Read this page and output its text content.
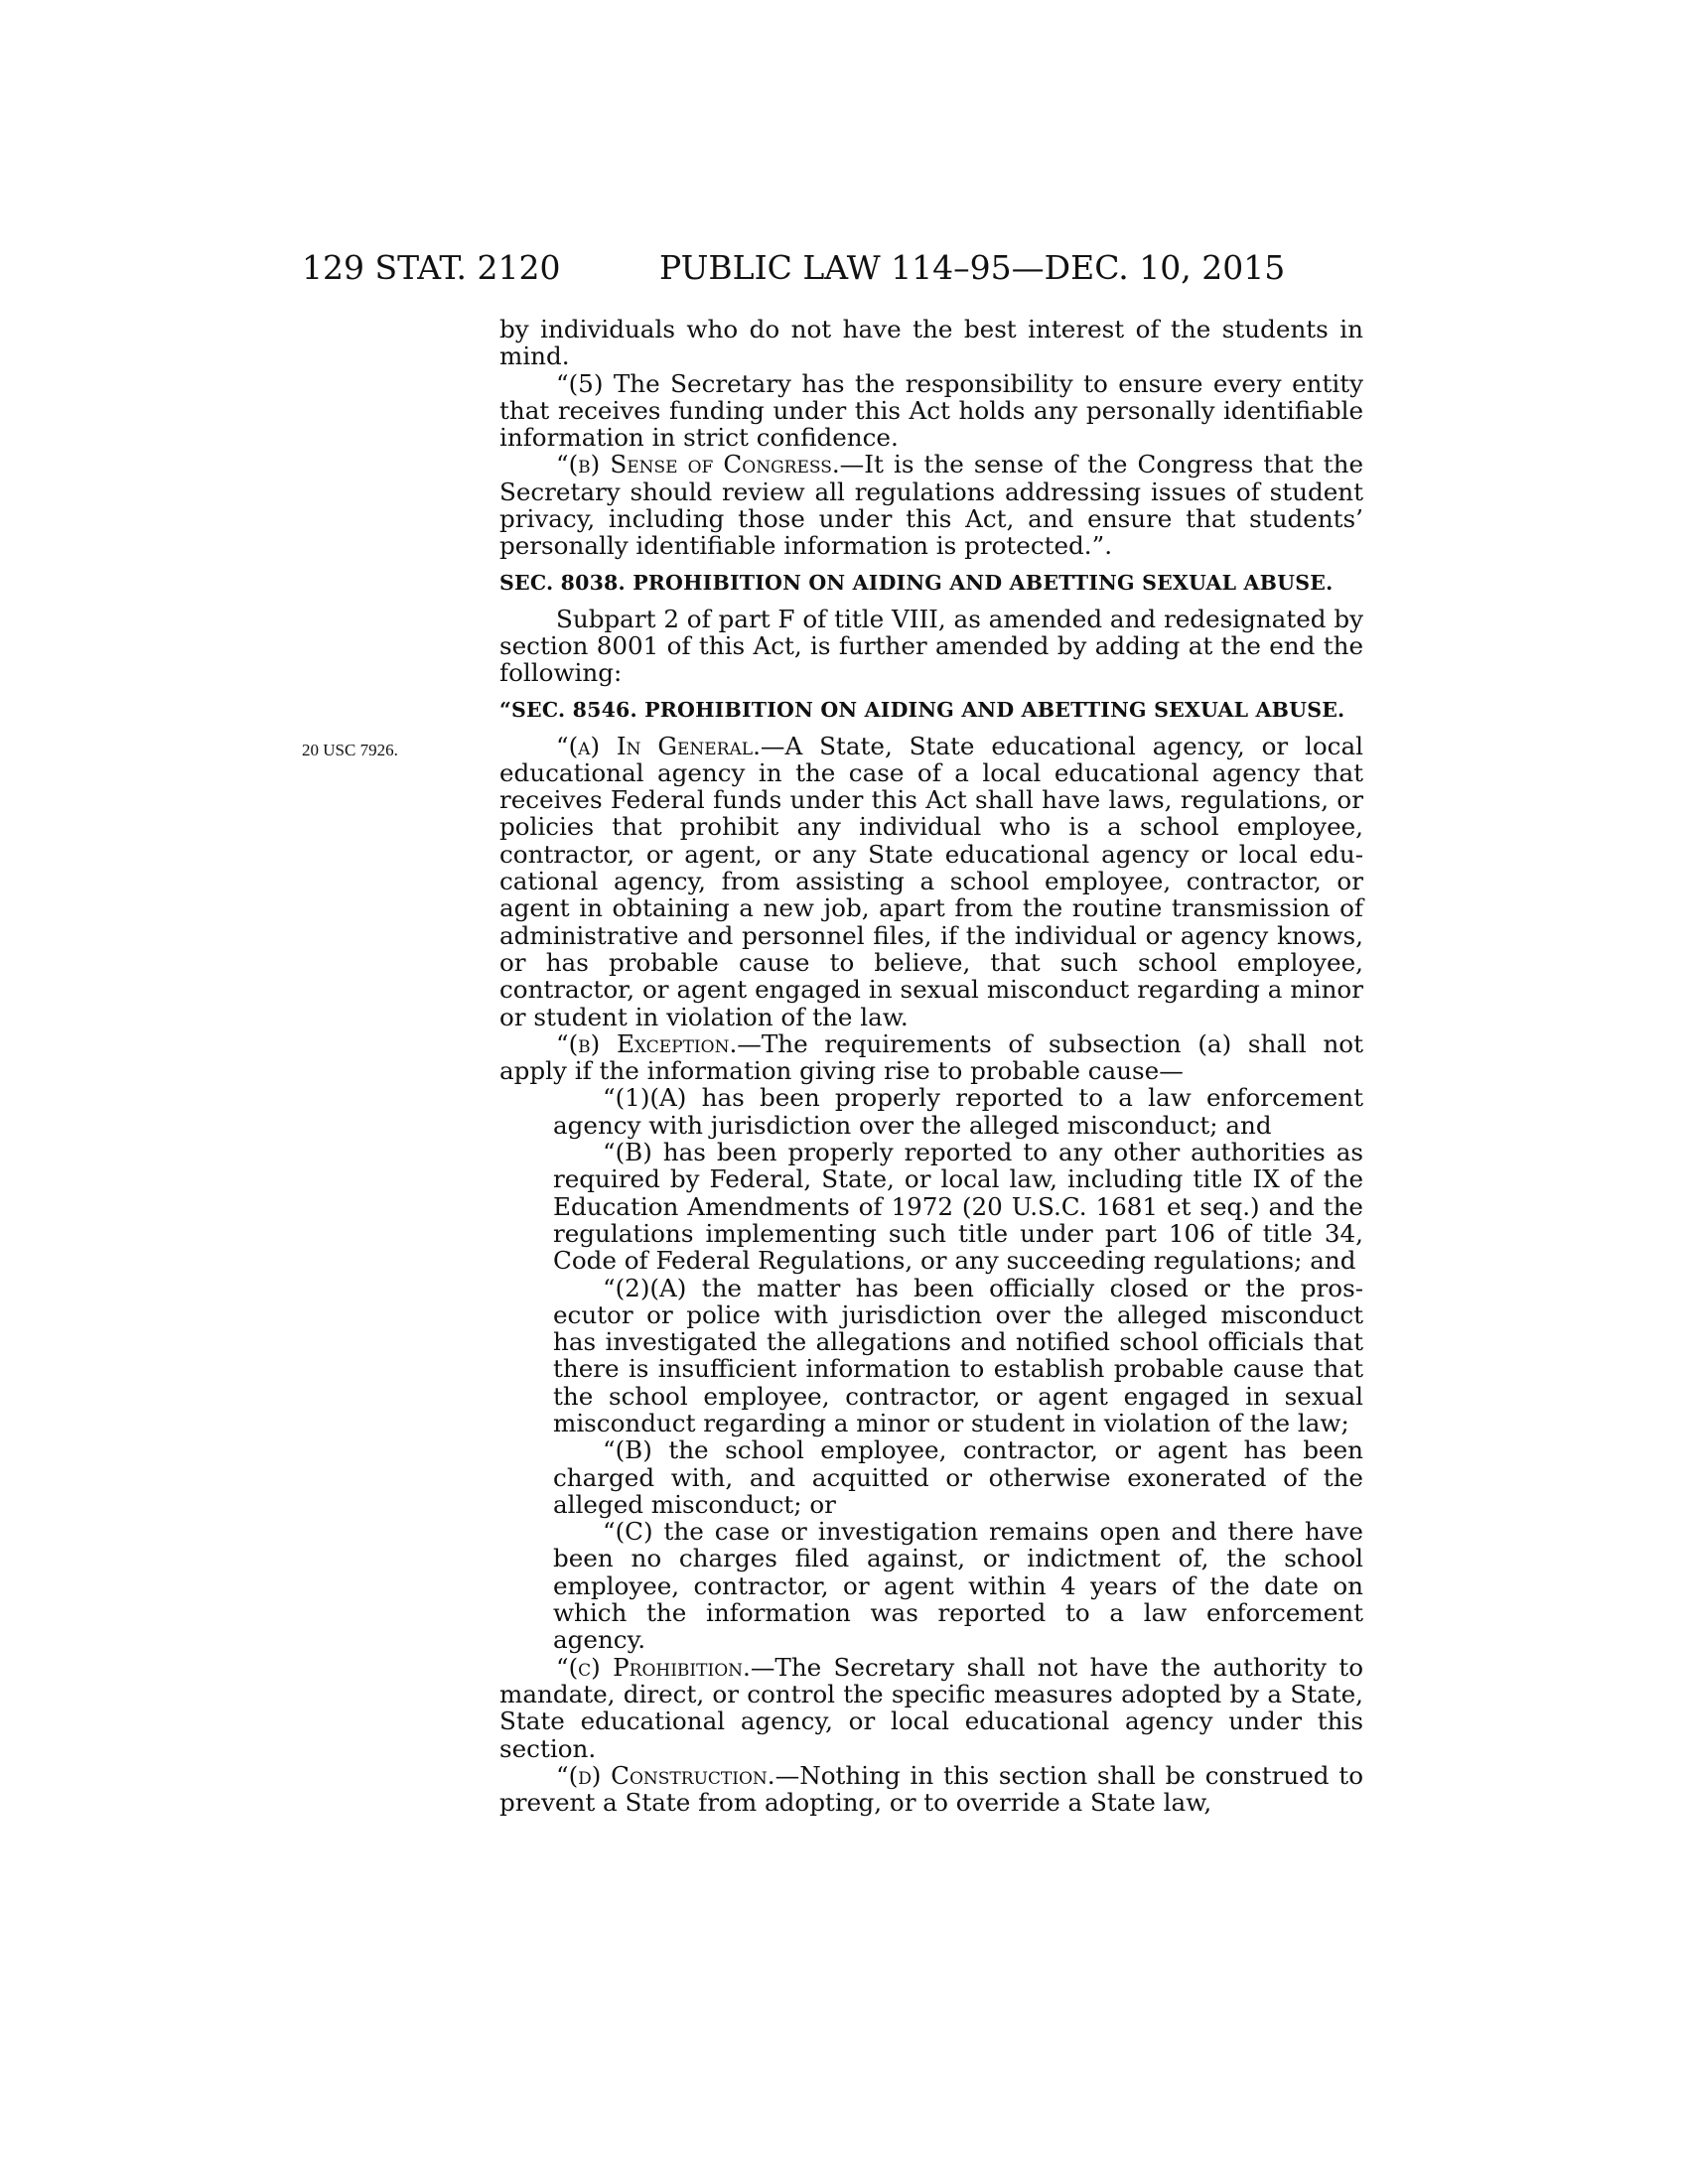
129 STAT. 2120	PUBLIC LAW 114–95—DEC. 10, 2015
20 USC 7926.

by individuals who do not have the best interest of the students in mind.

“(5) The Secretary has the responsibility to ensure every entity that receives funding under this Act holds any personally identifiable information in strict confidence.

“(b) Sense of Congress.—It is the sense of the Congress that the Secretary should review all regulations addressing issues of student privacy, including those under this Act, and ensure that students’ personally identifiable information is protected.”.

SEC. 8038. PROHIBITION ON AIDING AND ABETTING SEXUAL ABUSE.

Subpart 2 of part F of title VIII, as amended and redesignated by section 8001 of this Act, is further amended by adding at the end the following:

“SEC. 8546. PROHIBITION ON AIDING AND ABETTING SEXUAL ABUSE.

“(a) In General.—A State, State educational agency, or local educational agency in the case of a local educational agency that receives Federal funds under this Act shall have laws, regulations, or policies that prohibit any individual who is a school employee, contractor, or agent, or any State educational agency or local educational agency, from assisting a school employee, contractor, or agent in obtaining a new job, apart from the routine transmission of administrative and personnel files, if the individual or agency knows, or has probable cause to believe, that such school employee, contractor, or agent engaged in sexual misconduct regarding a minor or student in violation of the law.

“(b) Exception.—The requirements of subsection (a) shall not apply if the information giving rise to probable cause—

“(1)(A) has been properly reported to a law enforcement agency with jurisdiction over the alleged misconduct; and

“(B) has been properly reported to any other authorities as required by Federal, State, or local law, including title IX of the Education Amendments of 1972 (20 U.S.C. 1681 et seq.) and the regulations implementing such title under part 106 of title 34, Code of Federal Regulations, or any succeeding regulations; and

“(2)(A) the matter has been officially closed or the prosecutor or police with jurisdiction over the alleged misconduct has investigated the allegations and notified school officials that there is insufficient information to establish probable cause that the school employee, contractor, or agent engaged in sexual misconduct regarding a minor or student in violation of the law;

“(B) the school employee, contractor, or agent has been charged with, and acquitted or otherwise exonerated of the alleged misconduct; or

“(C) the case or investigation remains open and there have been no charges filed against, or indictment of, the school employee, contractor, or agent within 4 years of the date on which the information was reported to a law enforcement agency.

“(c) Prohibition.—The Secretary shall not have the authority to mandate, direct, or control the specific measures adopted by a State, State educational agency, or local educational agency under this section.

“(d) Construction.—Nothing in this section shall be construed to prevent a State from adopting, or to override a State law,
